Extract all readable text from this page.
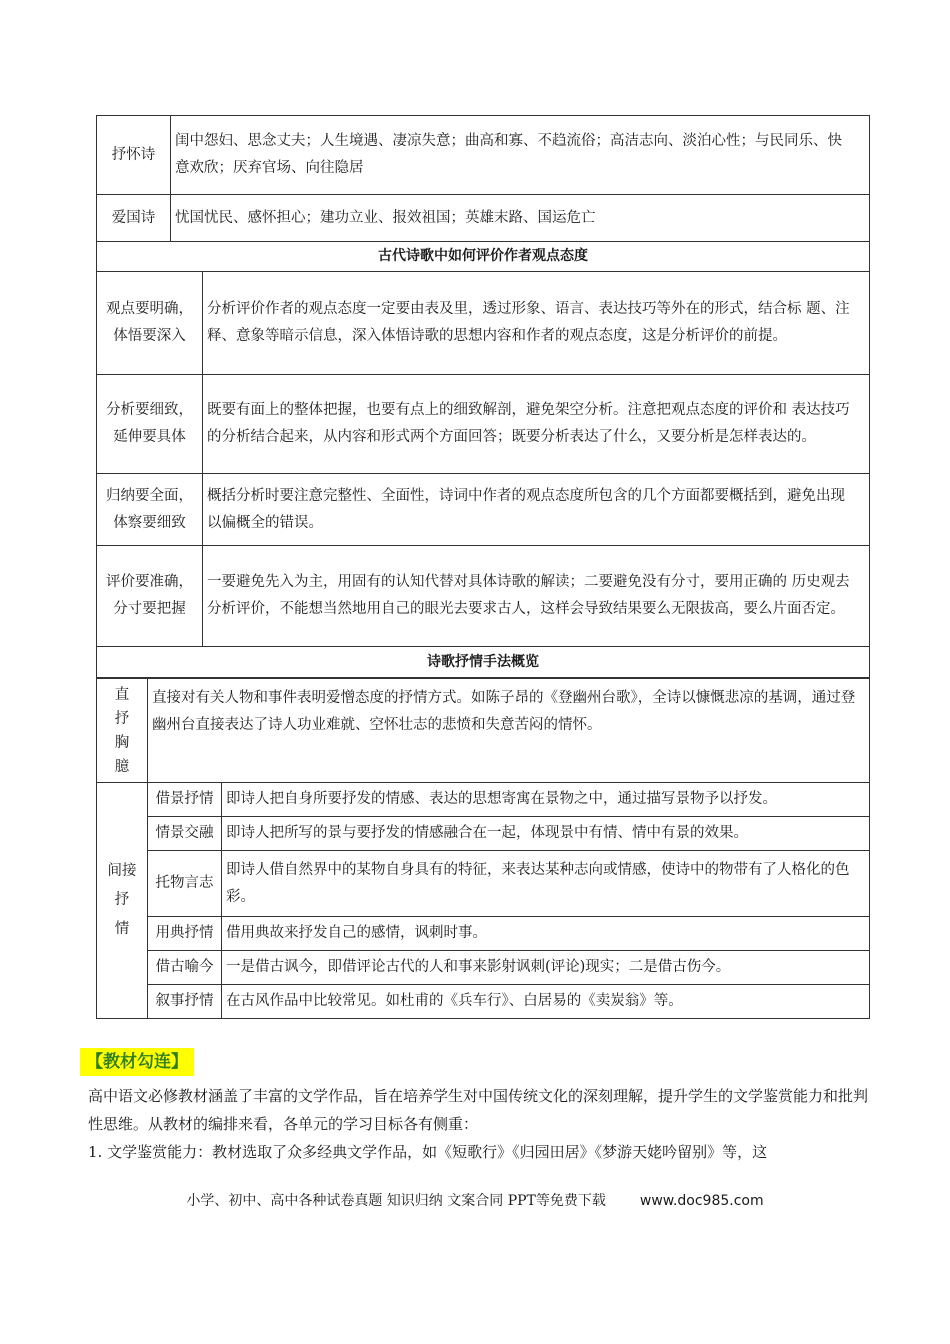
抒怀诗	闺中怨妇、思念丈夫；人生境遇、凄凉失意；曲高和寡、不趋流俗；高洁志向、淡泊心性；与民同乐、快 意欢欣；厌弃官场、向往隐居	
爱国诗	忧国忧民、感怀担心；建功立业、报效祖国；英雄末路、国运危亡	
古代诗歌中如何评价作者观点态度		
观点要明确，
体悟要深入		分析评价作者的观点态度一定要由表及里，透过形象、语言、表达技巧等外在的形式，结合标 题、注释、意象等暗示信息，深入体悟诗歌的思想内容和作者的观点态度，这是分析评价的前提。
分析要细致，
延伸要具体		既要有面上的整体把握，也要有点上的细致解剖，避免架空分析。注意把观点态度的评价和 表达技巧的分析结合起来，从内容和形式两个方面回答；既要分析表达了什么，又要分析是怎样表达的。
归纳要全面，
体察要细致		概括分析时要注意完整性、全面性，诗词中作者的观点态度所包含的几个方面都要概括到，避免出现以偏概全的错误。
评价要准确，
分寸要把握		一要避免先入为主，用固有的认知代替对具体诗歌的解读；二要避免没有分寸，要用正确的 历史观去分析评价，不能想当然地用自己的眼光去要求古人，这样会导致结果要么无限拔高，要么片面否定。
诗歌抒情手法概览		
直
抒
胸
臆	直接对有关人物和事件表明爱憎态度的抒情方式。如陈子昂的《登幽州台歌》，全诗以慷慨悲凉的基调，通过登幽州台直接表达了诗人功业难就、空怀壮志的悲愤和失意苦闷的情怀。	
间接
抒
情	借景抒情	即诗人把自身所要抒发的情感、表达的思想寄寓在景物之中，通过描写景物予以抒发。
	情景交融	即诗人把所写的景与要抒发的情感融合在一起，体现景中有情、情中有景的效果。
	托物言志	即诗人借自然界中的某物自身具有的特征，来表达某种志向或情感，使诗中的物带有了人格化的色彩。
	用典抒情	借用典故来抒发自己的感情，讽刺时事。
	借古喻今	一是借古讽今，即借评论古代的人和事来影射讽刺(评论)现实；二是借古伤今。
	叙事抒情	在古风作品中比较常见。如杜甫的《兵车行》、白居易的《卖炭翁》等。
【教材勾连】
高中语文必修教材涵盖了丰富的文学作品，旨在培养学生对中国传统文化的深刻理解，提升学生的文学鉴赏能力和批判性思维。从教材的编排来看，各单元的学习目标各有侧重：
1. 文学鉴赏能力：教材选取了众多经典文学作品，如《短歌行》《归园田居》《梦游天姥吟留别》等，这
小学、初中、高中各种试卷真题 知识归纳 文案合同 PPT等免费下载 www.doc985.com
